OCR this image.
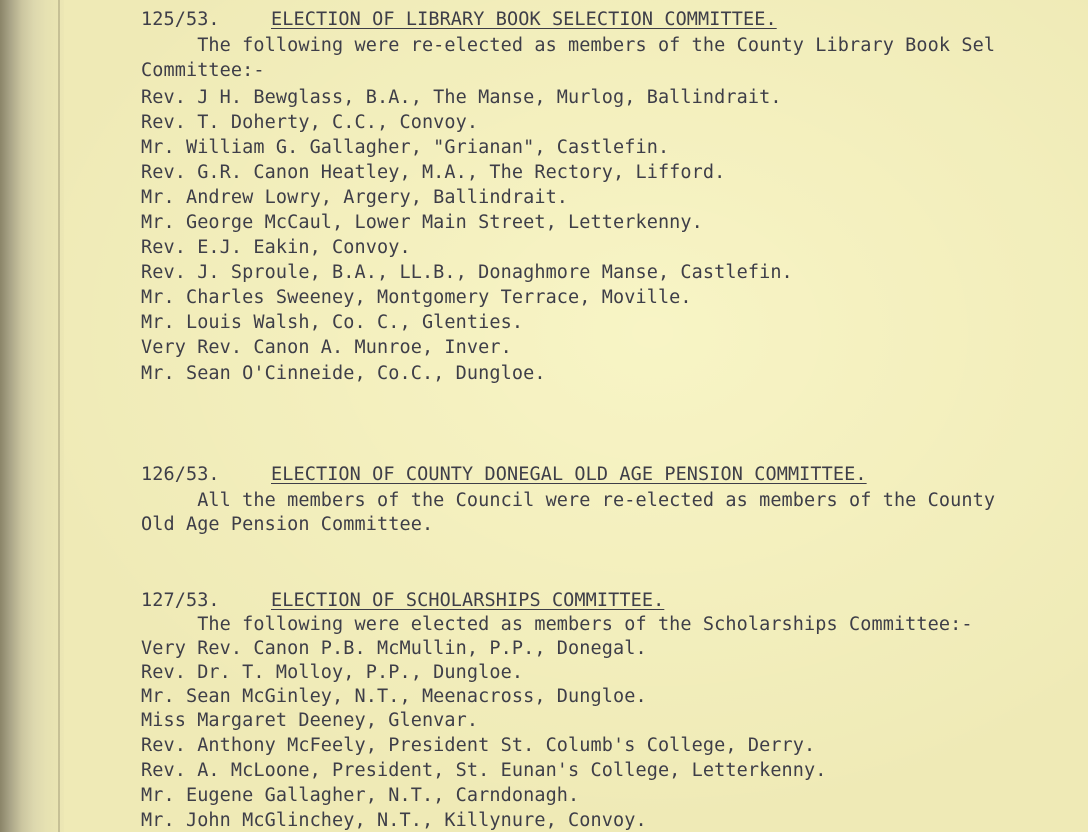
125/53.	ELECTION OF LIBRARY BOOK SELECTION COMMITTEE.
The following were re-elected as members of the County Library Book Sel
Committee:-
Rev. J H. Bewglass, B.A., The Manse, Murlog, Ballindrait.
Rev. T. Doherty, C.C., Convoy.
Mr. William G. Gallagher, "Grianan", Castlefin.
Rev. G.R. Canon Heatley, M.A., The Rectory, Lifford.
Mr. Andrew Lowry, Argery, Ballindrait.
Mr. George McCaul, Lower Main Street, Letterkenny.
Rev. E.J. Eakin, Convoy.
Rev. J. Sproule, B.A., LL.B., Donaghmore Manse, Castlefin.
Mr. Charles Sweeney, Montgomery Terrace, Moville.
Mr. Louis Walsh, Co. C., Glenties.
Very Rev. Canon A. Munroe, Inver.
Mr. Sean O'Cinneide, Co.C., Dungloe.
126/53.	ELECTION OF COUNTY DONEGAL OLD AGE PENSION COMMITTEE.
All the members of the Council were re-elected as members of the County
Old Age Pension Committee.
127/53.	ELECTION OF SCHOLARSHIPS COMMITTEE.
The following were elected as members of the Scholarships Committee:-
Very Rev. Canon P.B. McMullin, P.P., Donegal.
Rev. Dr. T. Molloy, P.P., Dungloe.
Mr. Sean McGinley, N.T., Meenacross, Dungloe.
Miss Margaret Deeney, Glenvar.
Rev. Anthony McFeely, President St. Columb's College, Derry.
Rev. A. McLoone, President, St. Eunan's College, Letterkenny.
Mr. Eugene Gallagher, N.T., Carndonagh.
Mr. John McGlinchey, N.T., Killynure, Convoy.
